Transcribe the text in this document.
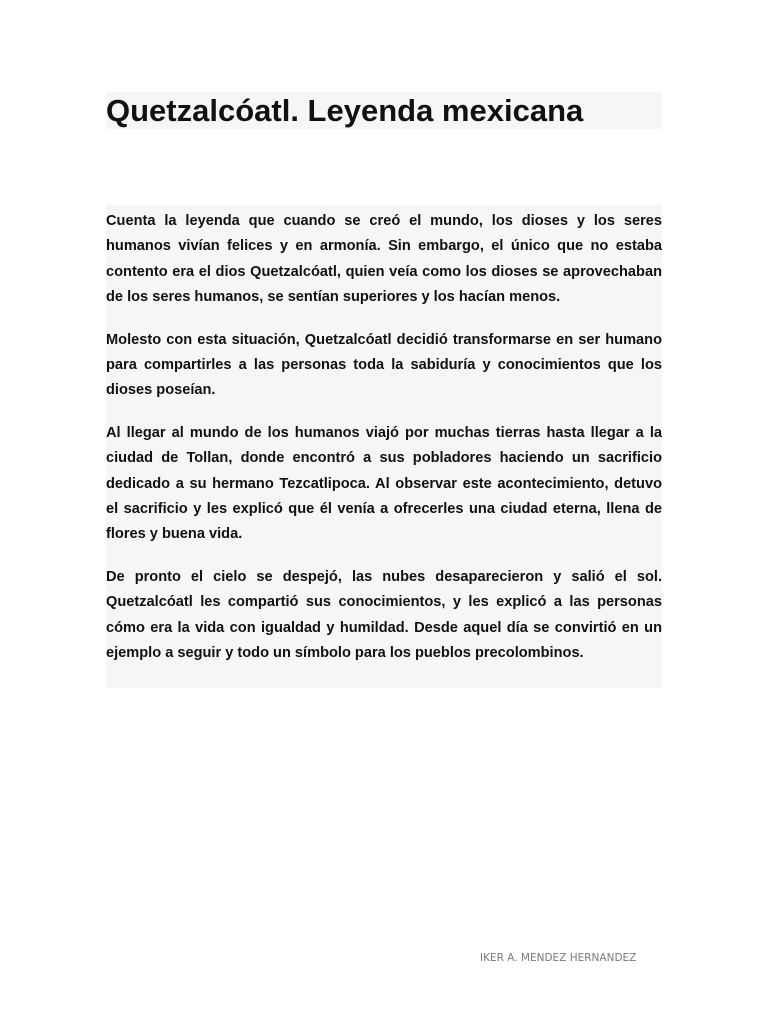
Quetzalcóatl. Leyenda mexicana

Cuenta la leyenda que cuando se creó el mundo, los dioses y los seres humanos vivían felices y en armonía. Sin embargo, el único que no estaba contento era el dios Quetzalcóatl, quien veía como los dioses se aprovechaban de los seres humanos, se sentían superiores y los hacían menos.

Molesto con esta situación, Quetzalcóatl decidió transformarse en ser humano para compartirles a las personas toda la sabiduría y conocimientos que los dioses poseían.

Al llegar al mundo de los humanos viajó por muchas tierras hasta llegar a la ciudad de Tollan, donde encontró a sus pobladores haciendo un sacrificio dedicado a su hermano Tezcatlipoca. Al observar este acontecimiento, detuvo el sacrificio y les explicó que él venía a ofrecerles una ciudad eterna, llena de flores y buena vida.

De pronto el cielo se despejó, las nubes desaparecieron y salió el sol. Quetzalcóatl les compartió sus conocimientos, y les explicó a las personas cómo era la vida con igualdad y humildad. Desde aquel día se convirtió en un ejemplo a seguir y todo un símbolo para los pueblos precolombinos.

IKER A. MENDEZ HERNANDEZ
